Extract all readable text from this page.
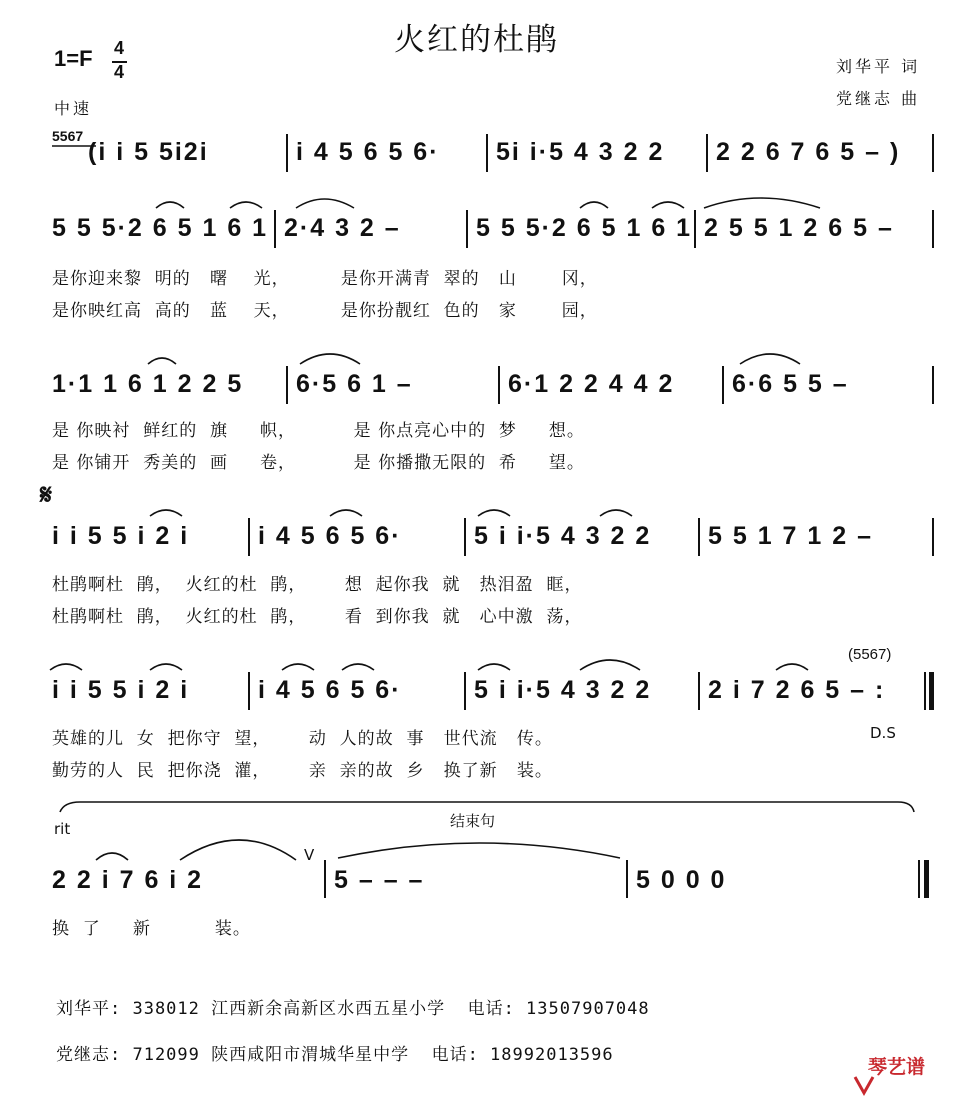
火红的杜鹃
1=F 4
4
中速
刘华平 词
党继志 曲
5567
(i i 5 5i2i	i 4 5 6 5 6· 5i i·5 4 3 2 2 2 2 6 7 6 5 – )
5 5 5·2 6 5 1 6 1 2·4 3 2 –	5 5 5·2 6 5 1 6 1 2 5 5 1 2 6 5 –
是你迎来黎  明的   曙    光，        是你开满青  翠的   山       冈，
是你映红高  高的   蓝    天，        是你扮靓红  色的   家       园，
1·1 1 6 1 2 2 5 6·5 6 1 –	6·1 2 2 4 4 2 6·6 5 5 –
是 你映衬  鲜红的  旗     帜，         是 你点亮心中的  梦     想。
是 你铺开  秀美的  画     卷，         是 你播撒无限的  希     望。
𝄋
i i 5 5 i 2 i	i 4 5 6 5 6·	5 i i·5 4 3 2 2 5 5 1 7 1 2 –
杜鹃啊杜  鹃，  火红的杜  鹃，      想  起你我  就   热泪盈  眶，
杜鹃啊杜  鹃，  火红的杜  鹃，      看  到你我  就   心中激  荡，
(5567)
i i 5 5 i 2 i	i 4 5 6 5 6·	5 i i·5 4 3 2 2 2 i 7 2 6 5 – :
英雄的儿  女  把你守  望，      动  人的故  事   世代流   传。	D.S
勤劳的人  民  把你浇  灌，      亲  亲的故  乡   换了新   装。
rit	结束句
2 2 i 7 6 i 2
V
5 – – –	5 0 0 0
换  了     新          装。
刘华平: 338012 江西新余高新区水西五星小学  电话: 13507907048
党继志: 712099 陕西咸阳市渭城华星中学  电话: 18992013596

琴艺谱
